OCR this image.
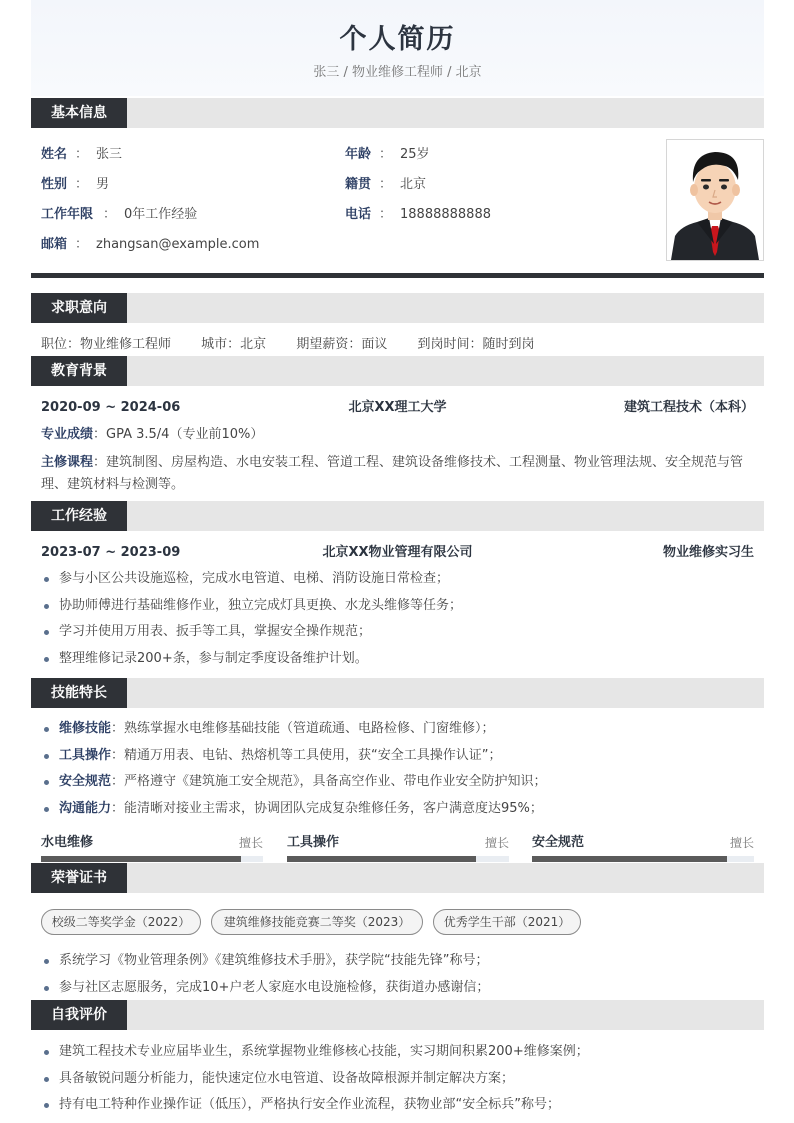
个人简历
张三 / 物业维修工程师 / 北京
基本信息
姓名 ： 张三	年龄 ： 25岁
性别 ： 男	籍贯 ： 北京
工作年限 ： 0年工作经验	电话 ： 18888888888
邮箱 ： zhangsan@example.com
求职意向
职位：物业维修工程师 城市：北京 期望薪资：面议 到岗时间：随时到岗
教育背景
2020-09 ~ 2024-06	北京XX理工大学	建筑工程技术（本科）
专业成绩：GPA 3.5/4（专业前10%）
主修课程：建筑制图、房屋构造、水电安装工程、管道工程、建筑设备维修技术、工程测量、物业管理法规、安全规范与管理、建筑材料与检测等。
工作经验
2023-07 ~ 2023-09	北京XX物业管理有限公司	物业维修实习生
参与小区公共设施巡检，完成水电管道、电梯、消防设施日常检查；
协助师傅进行基础维修作业，独立完成灯具更换、水龙头维修等任务；
学习并使用万用表、扳手等工具，掌握安全操作规范；
整理维修记录200+条，参与制定季度设备维护计划。
技能特长
维修技能：熟练掌握水电维修基础技能（管道疏通、电路检修、门窗维修）；
工具操作：精通万用表、电钻、热熔机等工具使用，获“安全工具操作认证”；
安全规范：严格遵守《建筑施工安全规范》，具备高空作业、带电作业安全防护知识；
沟通能力：能清晰对接业主需求，协调团队完成复杂维修任务，客户满意度达95%；
水电维修	擅长 工具操作	擅长 安全规范	擅长
荣誉证书
校级二等奖学金（2022）	建筑维修技能竞赛二等奖（2023）	优秀学生干部（2021）
系统学习《物业管理条例》《建筑维修技术手册》，获学院“技能先锋”称号；
参与社区志愿服务，完成10+户老人家庭水电设施检修，获街道办感谢信；
自我评价
建筑工程技术专业应届毕业生，系统掌握物业维修核心技能，实习期间积累200+维修案例；
具备敏锐问题分析能力，能快速定位水电管道、设备故障根源并制定解决方案；
持有电工特种作业操作证（低压），严格执行安全作业流程，获物业部“安全标兵”称号；
